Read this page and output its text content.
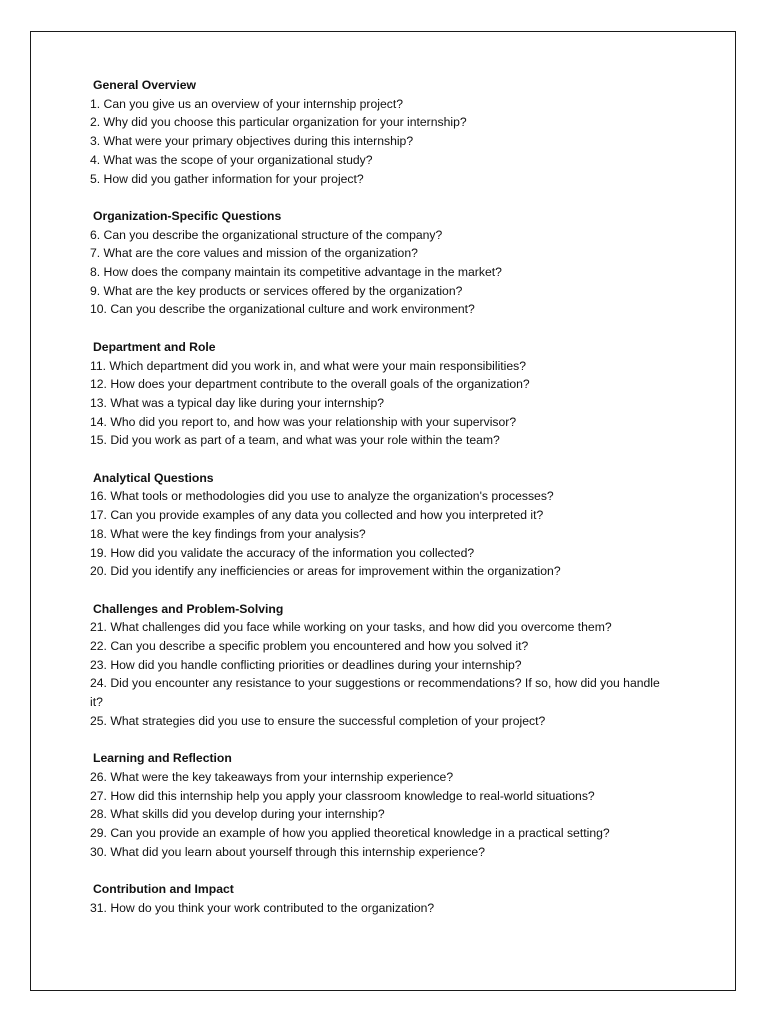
General Overview
1. Can you give us an overview of your internship project?
2. Why did you choose this particular organization for your internship?
3. What were your primary objectives during this internship?
4. What was the scope of your organizational study?
5. How did you gather information for your project?
Organization-Specific Questions
6. Can you describe the organizational structure of the company?
7. What are the core values and mission of the organization?
8. How does the company maintain its competitive advantage in the market?
9. What are the key products or services offered by the organization?
10. Can you describe the organizational culture and work environment?
Department and Role
11. Which department did you work in, and what were your main responsibilities?
12. How does your department contribute to the overall goals of the organization?
13. What was a typical day like during your internship?
14. Who did you report to, and how was your relationship with your supervisor?
15. Did you work as part of a team, and what was your role within the team?
Analytical Questions
16. What tools or methodologies did you use to analyze the organization's processes?
17. Can you provide examples of any data you collected and how you interpreted it?
18. What were the key findings from your analysis?
19. How did you validate the accuracy of the information you collected?
20. Did you identify any inefficiencies or areas for improvement within the organization?
Challenges and Problem-Solving
21. What challenges did you face while working on your tasks, and how did you overcome them?
22. Can you describe a specific problem you encountered and how you solved it?
23. How did you handle conflicting priorities or deadlines during your internship?
24. Did you encounter any resistance to your suggestions or recommendations? If so, how did you handle it?
25. What strategies did you use to ensure the successful completion of your project?
Learning and Reflection
26. What were the key takeaways from your internship experience?
27. How did this internship help you apply your classroom knowledge to real-world situations?
28. What skills did you develop during your internship?
29. Can you provide an example of how you applied theoretical knowledge in a practical setting?
30. What did you learn about yourself through this internship experience?
Contribution and Impact
31. How do you think your work contributed to the organization?
